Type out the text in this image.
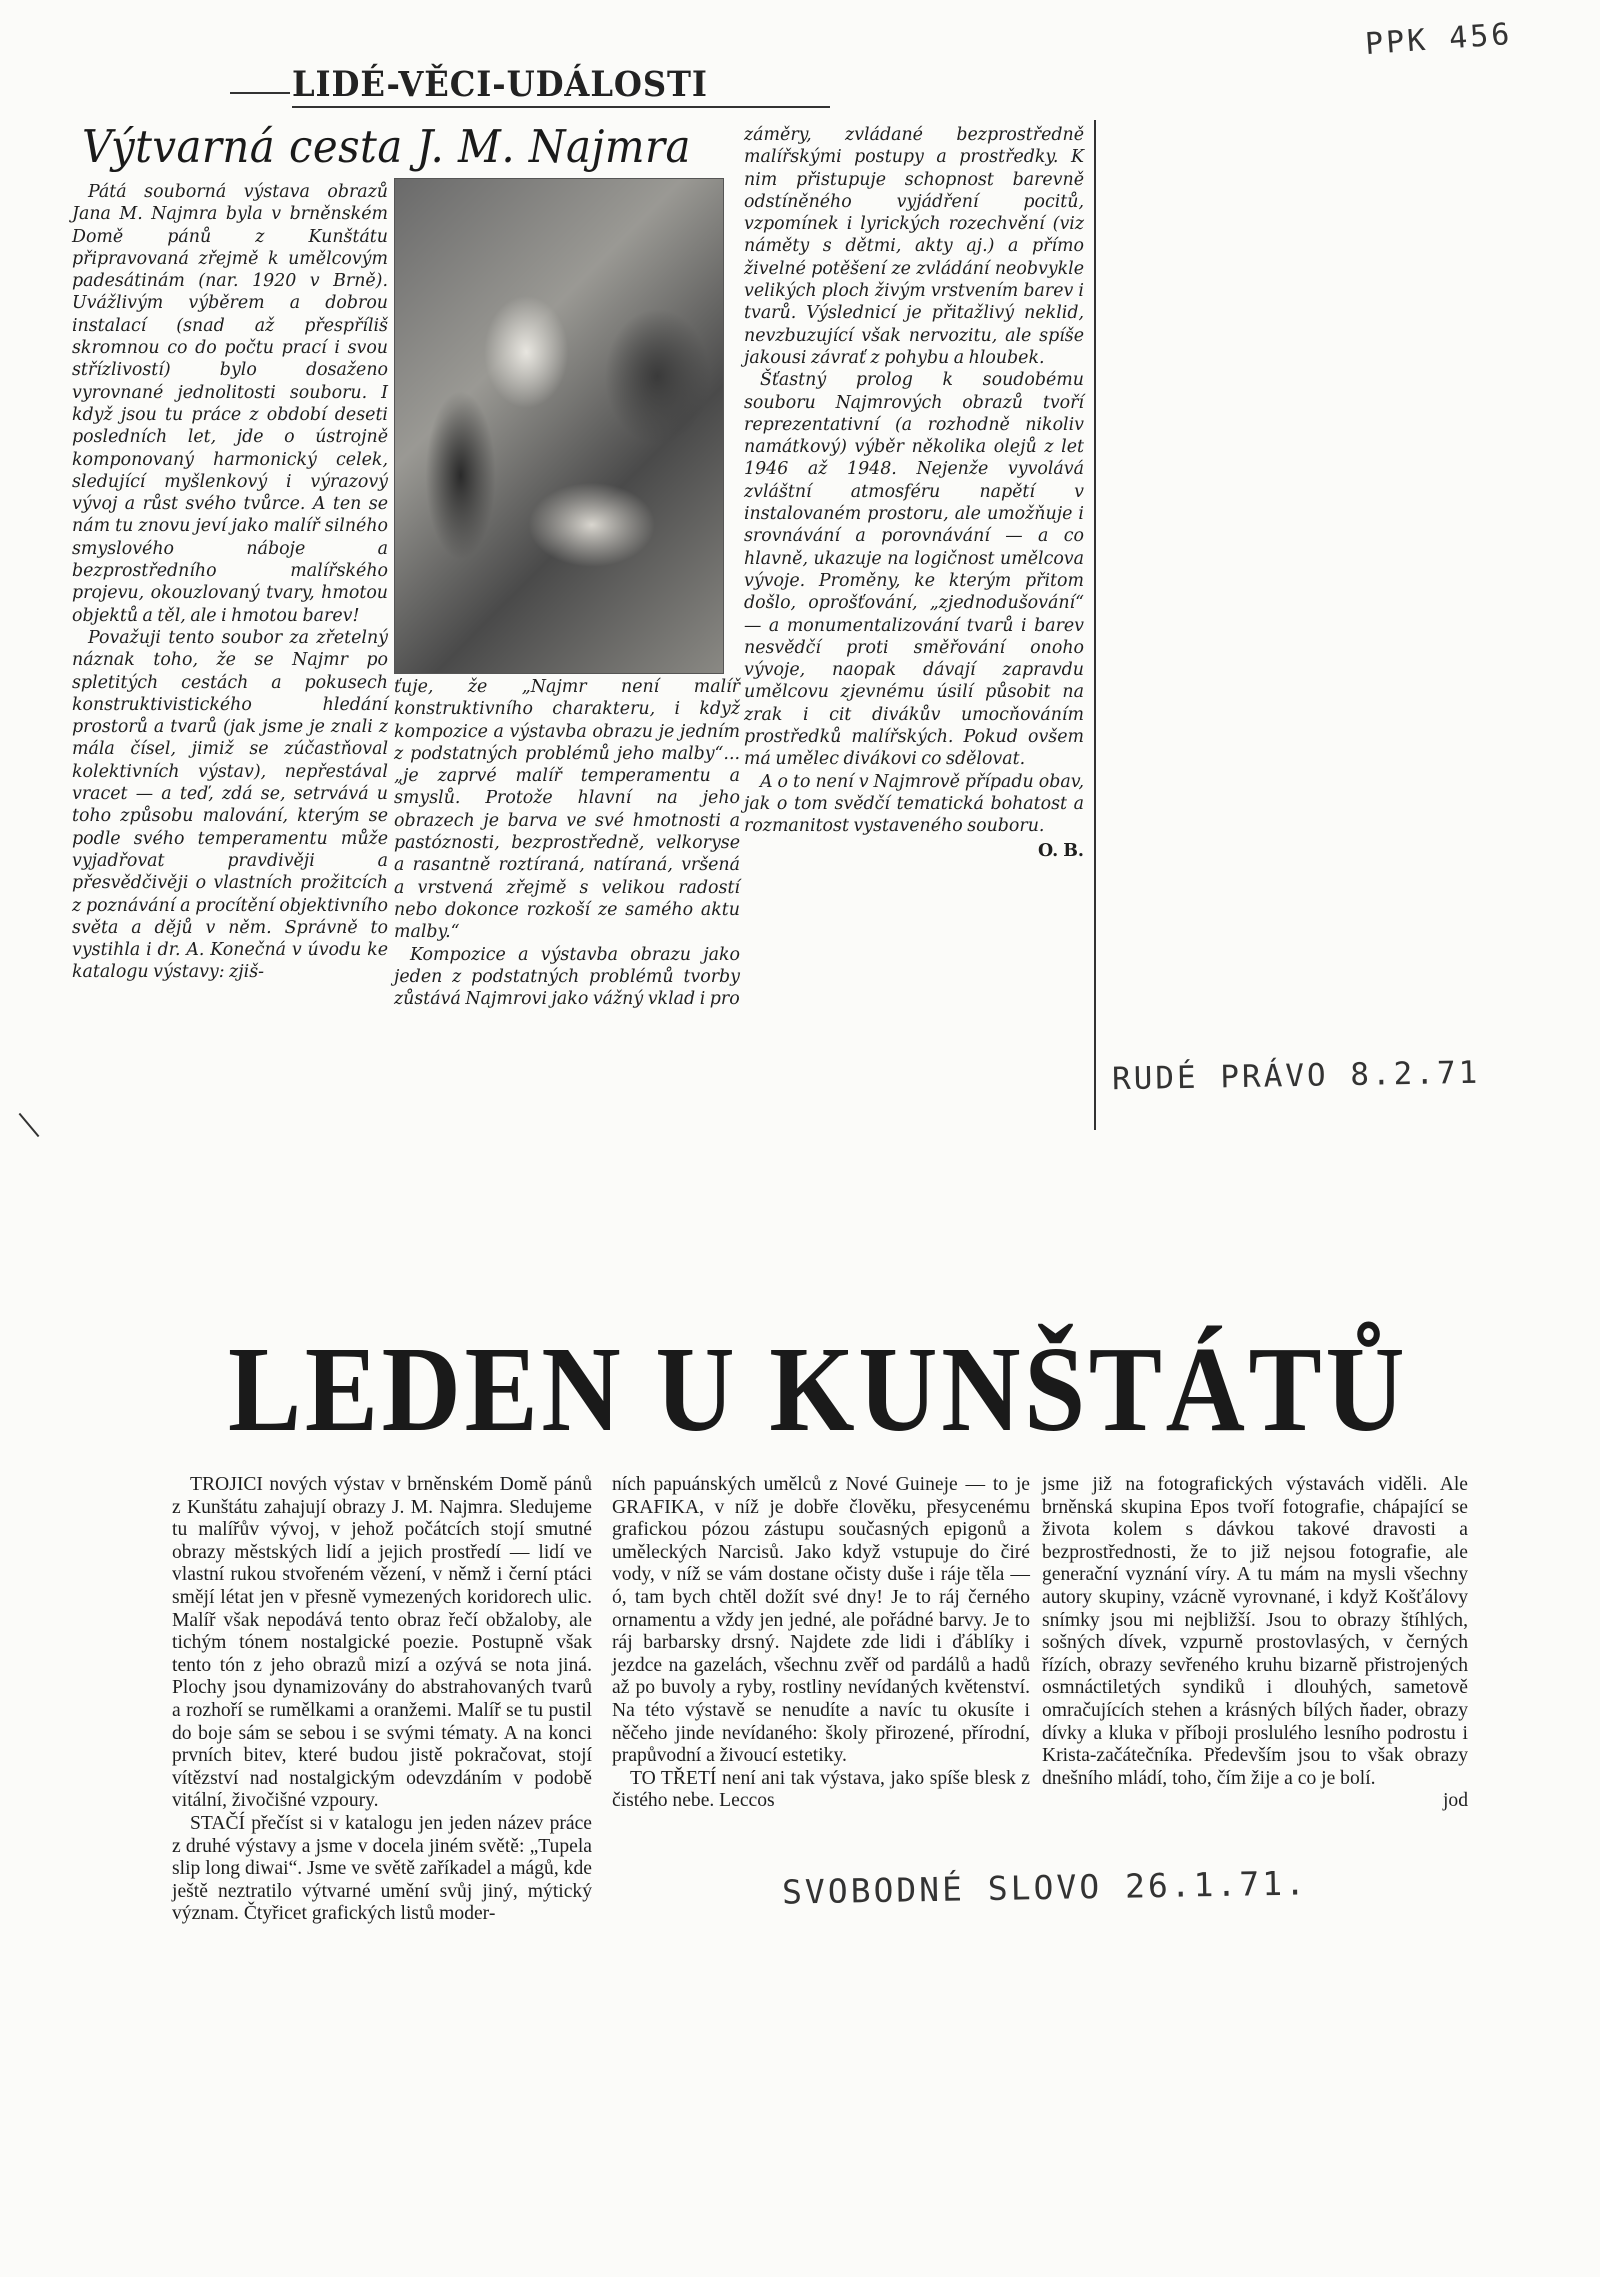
PPK 456
RUDÉ PRÁVO 8.2.71
SVOBODNÉ SLOVO 26.1.71.
LIDÉ-VĚCI-UDÁLOSTI
Výtvarná cesta J. M. Najmra

Pátá souborná výstava obrazů Jana M. Najmra byla v brněnském Domě pánů z Kunštátu připravovaná zřejmě k umělcovým padesátinám (nar. 1920 v Brně). Uvážlivým výběrem a dobrou instalací (snad až přespříliš skromnou co do počtu prací i svou střízlivostí) bylo dosaženo vyrovnané jednolitosti souboru. I když jsou tu práce z období deseti posledních let, jde o ústrojně komponovaný harmonický celek, sledující myšlenkový i výrazový vývoj a růst svého tvůrce. A ten se nám tu znovu jeví jako malíř silného smyslového náboje a bezprostředního malířského projevu, okouzlovaný tvary, hmotou objektů a těl, ale i hmotou barev!

Považuji tento soubor za zřetelný náznak toho, že se Najmr po spletitých cestách a pokusech konstruktivistického hledání prostorů a tvarů (jak jsme je znali z mála čísel, jimiž se zúčastňoval kolektivních výstav), nepřestával vracet — a teď, zdá se, setrvává u toho způsobu malování, kterým se podle svého temperamentu může vyjadřovat pravdivěji a přesvědčivěji o vlastních prožitcích z poznávání a procítění objektivního světa a dějů v něm. Správně to vystihla i dr. A. Konečná v úvodu ke katalogu výstavy: zjiš-

ťuje, že „Najmr není malíř konstruktivního charakteru, i když kompozice a výstavba obrazu je jedním z podstatných problémů jeho malby“... „je zaprvé malíř temperamentu a smyslů. Protože hlavní na jeho obrazech je barva ve své hmotnosti a pastóznosti, bezprostředně, velkoryse a rasantně roztíraná, natíraná, vršená a vrstvená zřejmě s velikou radostí nebo dokonce rozkoší ze samého aktu malby.“

Kompozice a výstavba obrazu jako jeden z podstatných problémů tvorby zůstává Najmrovi jako vážný vklad i pro

záměry, zvládané bezprostředně malířskými postupy a prostředky. K nim přistupuje schopnost barevně odstíněného vyjádření pocitů, vzpomínek i lyrických rozechvění (viz náměty s dětmi, akty aj.) a přímo živelné potěšení ze zvládání neobvykle velikých ploch živým vrstvením barev i tvarů. Výslednicí je přitažlivý neklid, nevzbuzující však nervozitu, ale spíše jakousi závrať z pohybu a hloubek.

Šťastný prolog k soudobému souboru Najmrových obrazů tvoří reprezentativní (a rozhodně nikoliv namátkový) výběr několika olejů z let 1946 až 1948. Nejenže vyvolává zvláštní atmosféru napětí v instalovaném prostoru, ale umožňuje i srovnávání a porovnávání — a co hlavně, ukazuje na logičnost umělcova vývoje. Proměny, ke kterým přitom došlo, oprošťování, „zjednodušování“ — a monumentalizování tvarů i barev nesvědčí proti směřování onoho vývoje, naopak dávají zapravdu umělcovu zjevnému úsilí působit na zrak i cit divákův umocňováním prostředků malířských. Pokud ovšem má umělec divákovi co sdělovat.

A o to není v Najmrově případu obav, jak o tom svědčí tematická bohatost a rozmanitost vystaveného souboru.

O. B.
LEDEN U KUNŠTÁTŮ

TROJICI nových výstav v brněnském Domě pánů z Kunštátu zahajují obrazy J. M. Najmra. Sledujeme tu malířův vývoj, v jehož počátcích stojí smutné obrazy městských lidí a jejich prostředí — lidí ve vlastní rukou stvořeném vězení, v němž i černí ptáci smějí létat jen v přesně vymezených koridorech ulic. Malíř však nepodává tento obraz řečí obžaloby, ale tichým tónem nostalgické poezie. Postupně však tento tón z jeho obrazů mizí a ozývá se nota jiná. Plochy jsou dynamizovány do abstrahovaných tvarů a rozhoří se rumělkami a oranžemi. Malíř se tu pustil do boje sám se sebou i se svými tématy. A na konci prvních bitev, které budou jistě pokračovat, stojí vítězství nad nostalgickým odevzdáním v podobě vitální, živočišné vzpoury.

STAČÍ přečíst si v katalogu jen jeden název práce z druhé výstavy a jsme v docela jiném světě: „Tupela slip long diwai“. Jsme ve světě zaříkadel a mágů, kde ještě neztratilo výtvarné umění svůj jiný, mýtický význam. Čtyřicet grafických listů moder-

ních papuánských umělců z Nové Guineje — to je GRAFIKA, v níž je dobře člověku, přesycenému grafickou pózou zástupu současných epigonů a uměleckých Narcisů. Jako když vstupuje do čiré vody, v níž se vám dostane očisty duše i ráje těla — ó, tam bych chtěl dožít své dny! Je to ráj černého ornamentu a vždy jen jedné, ale pořádné barvy. Je to ráj barbarsky drsný. Najdete zde lidi i ďáblíky i jezdce na gazelách, všechnu zvěř od pardálů a hadů až po buvoly a ryby, rostliny nevídaných květenství. Na této výstavě se nenudíte a navíc tu okusíte i něčeho jinde nevídaného: školy přirozené, přírodní, prapůvodní a živoucí estetiky.

TO TŘETÍ není ani tak výstava, jako spíše blesk z čistého nebe. Leccos

jsme již na fotografických výstavách viděli. Ale brněnská skupina Epos tvoří fotografie, chápající se života kolem s dávkou takové dravosti a bezprostřednosti, že to již nejsou fotografie, ale generační vyznání víry. A tu mám na mysli všechny autory skupiny, vzácně vyrovnané, i když Košťálovy snímky jsou mi nejbližší. Jsou to obrazy štíhlých, sošných dívek, vzpurně prostovlasých, v černých řízích, obrazy sevřeného kruhu bizarně přistrojených osmnáctiletých syndiků i dlouhých, sametově omračujících stehen a krásných bílých ňader, obrazy dívky a kluka v příboji proslulého lesního podrostu i Krista-začátečníka. Především jsou to však obrazy dnešního mládí, toho, čím žije a co je bolí.

jod
